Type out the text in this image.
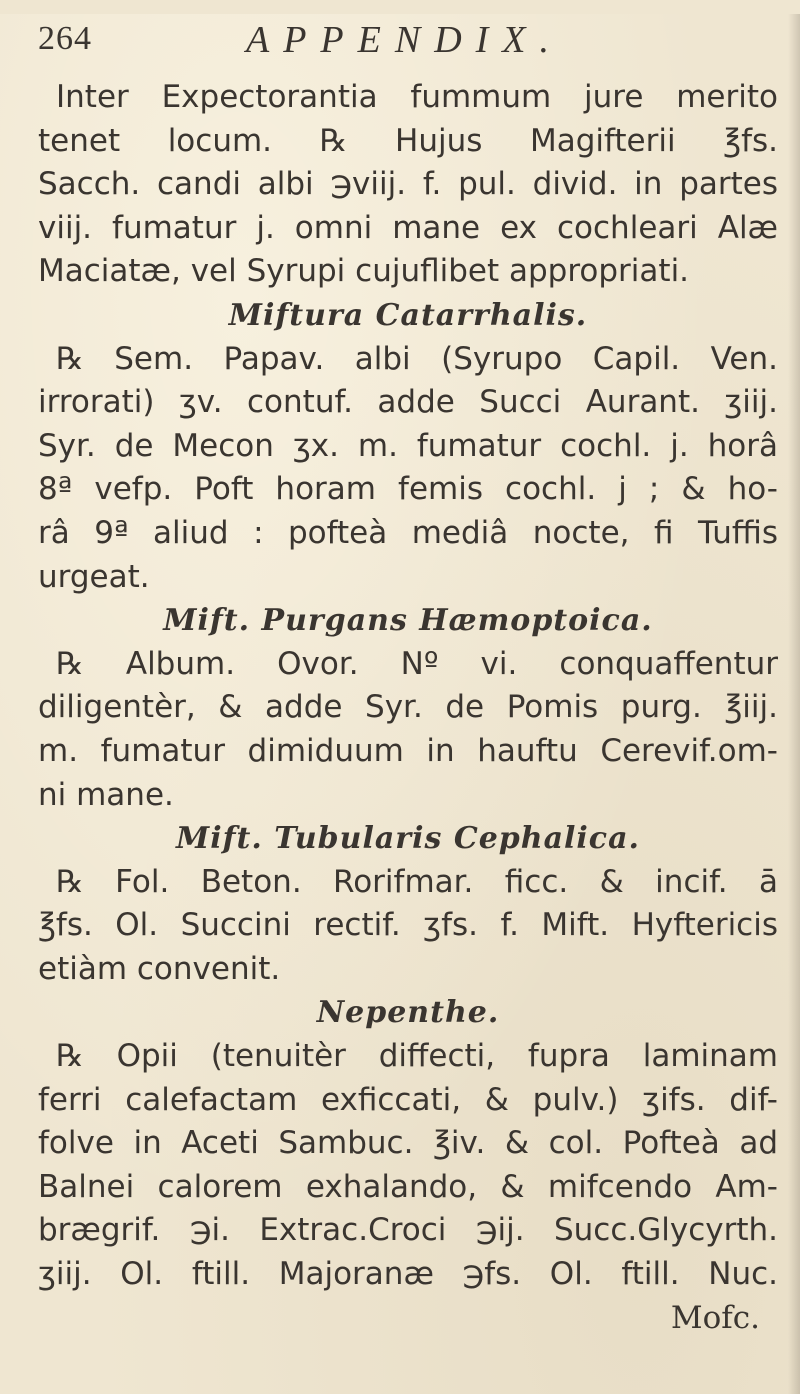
264	APPENDIX.
Inter Expectorantia fummum jure merito
tenet locum. ℞ Hujus Magifterii ℥fs.
Sacch. candi albi ℈viij. f. pul. divid. in partes
viij. fumatur j. omni mane ex cochleari Alæ
Maciatæ, vel Syrupi cujuflibet appropriati.
Miftura Catarrhalis.
℞ Sem. Papav. albi (Syrupo Capil. Ven.
irrorati) ʒv. contuf. adde Succi Aurant. ʒiij.
Syr. de Mecon ʒx. m. fumatur cochl. j. horâ
8ª vefp. Poft horam femis cochl. j ; & ho-
râ 9ª aliud : pofteà mediâ nocte, fi Tuffis
urgeat.
Mift. Purgans Hæmoptoica.
℞ Album. Ovor. Nº vi. conquaffentur
diligentèr, & adde Syr. de Pomis purg. ℥iij.
m. fumatur dimiduum in hauftu Cerevif.om-
ni mane.
Mift. Tubularis Cephalica.
℞ Fol. Beton. Rorifmar. ficc. & incif. ā
℥fs. Ol. Succini rectif. ʒfs. f. Mift. Hyftericis
etiàm convenit.
Nepenthe.
℞ Opii (tenuitèr diffecti, fupra laminam
ferri calefactam exficcati, & pulv.) ʒifs. dif-
folve in Aceti Sambuc. ℥iv. & col. Pofteà ad
Balnei calorem exhalando, & mifcendo Am-
brægrif. ℈i. Extrac.Croci ℈ij. Succ.Glycyrth.
ʒiij. Ol. ftill. Majoranæ ℈fs. Ol. ftill. Nuc.
Mofc.
